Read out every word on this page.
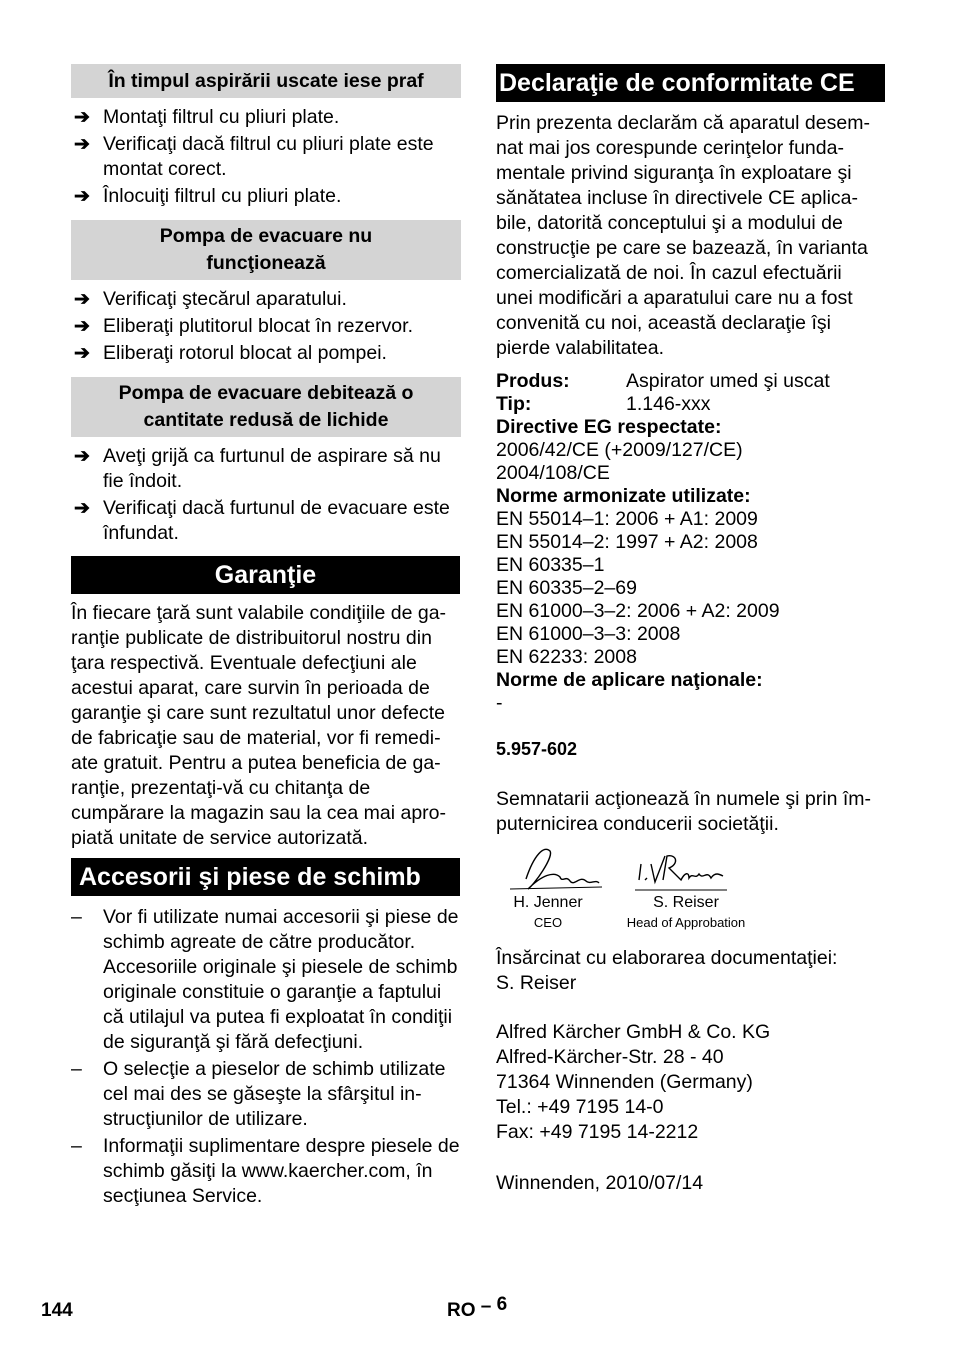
În timpul aspirării uscate iese praf
➔ Montaţi filtrul cu pliuri plate.
➔ Verificaţi dacă filtrul cu pliuri plate este montat corect.
➔ Înlocuiţi filtrul cu pliuri plate.
Pompa de evacuare nu
funcţionează
➔ Verificaţi ştecărul aparatului.
➔ Eliberaţi plutitorul blocat în rezervor.
➔ Eliberaţi rotorul blocat al pompei.
Pompa de evacuare debitează o
cantitate redusă de lichide
➔ Aveţi grijă ca furtunul de aspirare să nu fie îndoit.
➔ Verificaţi dacă furtunul de evacuare este înfundat.
Garanţie
În fiecare ţară sunt valabile condiţiile de ga-
ranţie publicate de distribuitorul nostru din
ţara respectivă. Eventuale defecţiuni ale
acestui aparat, care survin în perioada de
garanţie şi care sunt rezultatul unor defecte
de fabricaţie sau de material, vor fi remedi-
ate gratuit. Pentru a putea beneficia de ga-
ranţie, prezentaţi-vă cu chitanţa de
cumpărare la magazin sau la cea mai apro-
piată unitate de service autorizată.
Accesorii şi piese de schimb
– Vor fi utilizate numai accesorii şi piese de schimb agreate de către producător. Accesoriile originale şi piesele de schimb originale constituie o garanţie a faptului că utilajul va putea fi exploatat în condiţii de siguranţă şi fără defecţiuni.
– O selecţie a pieselor de schimb utilizate cel mai des se găseşte la sfârşitul in-strucţiunilor de utilizare.
– Informaţii suplimentare despre piesele de schimb găsiţi la www.kaercher.com, în secţiunea Service.
Declaraţie de conformitate CE
Prin prezenta declarăm că aparatul desem-
nat mai jos corespunde cerinţelor funda-
mentale privind siguranţa în exploatare şi
sănătatea incluse în directivele CE aplica-
bile, datorită conceptului şi a modului de
construcţie pe care se bazează, în varianta
comercializată de noi. În cazul efectuării
unei modificări a aparatului care nu a fost
convenită cu noi, această declaraţie îşi
pierde valabilitatea.
Produs:	Aspirator umed şi uscat
Tip:	1.146-xxx
Directive EG respectate:
2006/42/CE (+2009/127/CE)
2004/108/CE
Norme armonizate utilizate:
EN 55014–1: 2006 + A1: 2009
EN 55014–2: 1997 + A2: 2008
EN 60335–1
EN 60335–2–69
EN 61000–3–2: 2006 + A2: 2009
EN 61000–3–3: 2008
EN 62233: 2008
Norme de aplicare naţionale:
-
5.957-602
Semnatarii acţionează în numele şi prin îm-
puternicirea conducerii societăţii.
H. Jenner
CEO
S. Reiser
Head of Approbation
Însărcinat cu elaborarea documentaţiei:
S. Reiser
Alfred Kärcher GmbH & Co. KG
Alfred-Kärcher-Str. 28 - 40
71364 Winnenden (Germany)
Tel.: +49 7195 14-0
Fax: +49 7195 14-2212
Winnenden, 2010/07/14
144	RO – 6
